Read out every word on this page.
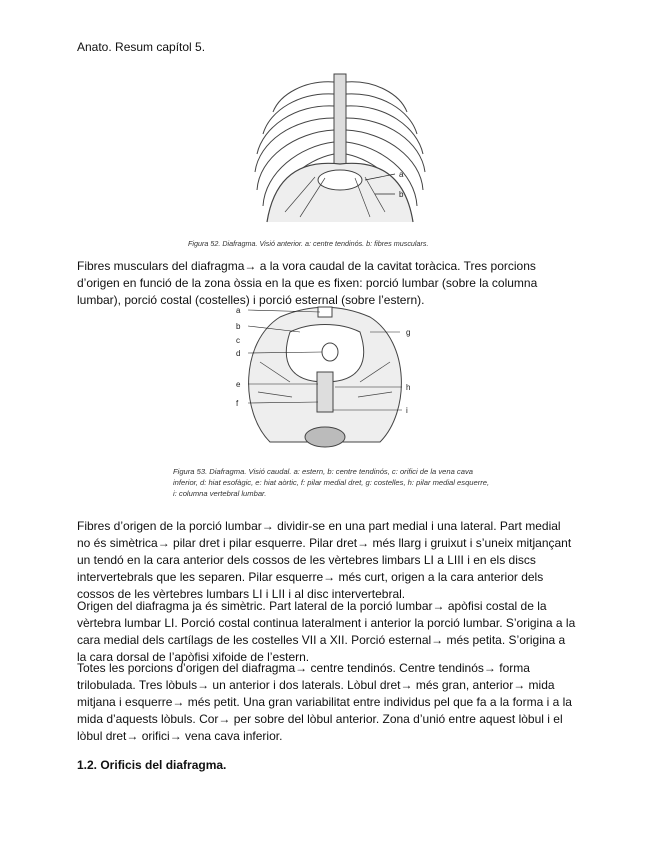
Anato. Resum capítol 5.
a
b
Figura 52. Diafragma. Visió anterior. a: centre tendinós. b: fibres musculars.

Fibres musculars del diafragma→ a la vora caudal de la cavitat toràcica. Tres porcions d’origen en funció de la zona òssia en la que es fixen: porció lumbar (sobre la columna lumbar), porció costal (costelles) i porció esternal (sobre l’estern).

a
b
c
d
e
f
g
h
i
Figura 53. Diafragma. Visió caudal. a: estern, b: centre tendinós, c: orifici de la vena cava inferior, d: hiat esofàgic, e: hiat aòrtic, f: pilar medial dret, g: costelles, h: pilar medial esquerre, i: columna vertebral lumbar.

Fibres d’origen de la porció lumbar→ dividir-se en una part medial i una lateral. Part medial no és simètrica→ pilar dret i pilar esquerre. Pilar dret→ més llarg i gruixut i s’uneix mitjançant un tendó en la cara anterior dels cossos de les vèrtebres limbars LI a LIII i en els discs intervertebrals que les separen. Pilar esquerre→ més curt, origen a la cara anterior dels cossos de les vèrtebres lumbars LI i LII i al disc intervertebral.

Origen del diafragma ja és simètric. Part lateral de la porció lumbar→ apòfisi costal de la vèrtebra lumbar LI. Porció costal continua lateralment i anterior la porció lumbar. S’origina a la cara medial dels cartílags de les costelles VII a XII. Porció esternal→ més petita. S’origina a la cara dorsal de l’apòfisi xifoide de l’estern.

Totes les porcions d’origen del diafragma→ centre tendinós. Centre tendinós→ forma trilobulada. Tres lòbuls→ un anterior i dos laterals. Lòbul dret→ més gran, anterior→ mida mitjana i esquerre→ més petit. Una gran variabilitat entre individus pel que fa a la forma i a la mida d’aquests lòbuls. Cor→ per sobre del lòbul anterior. Zona d’unió entre aquest lòbul i el lòbul dret→ orifici→ vena cava inferior.

1.2. Orificis del diafragma.
